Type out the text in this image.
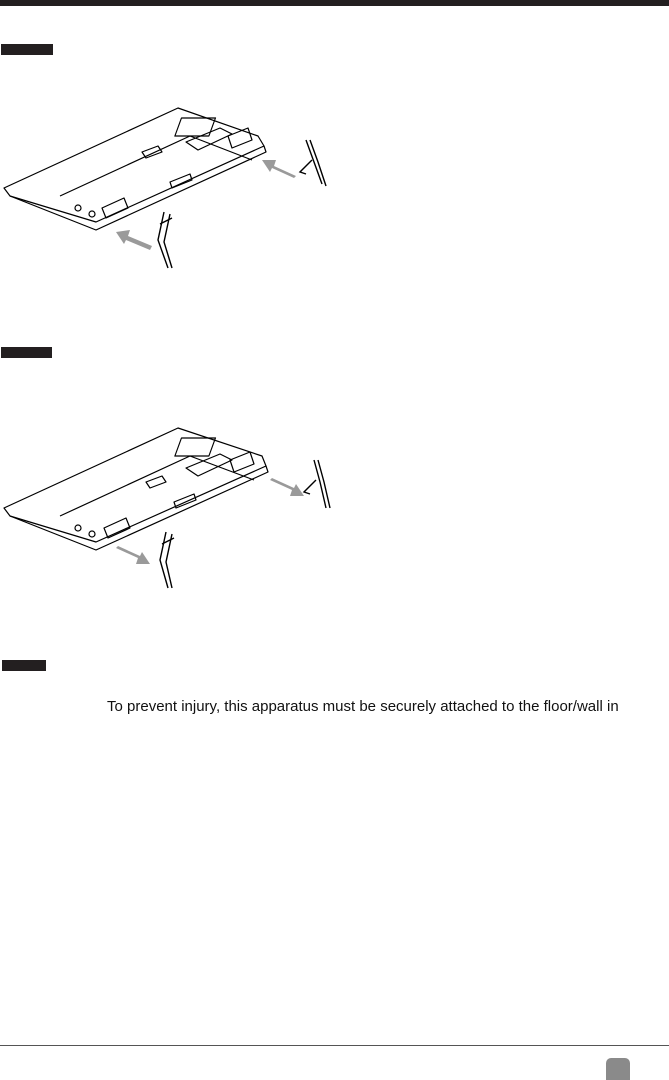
To prevent injury, this apparatus must be securely attached to the floor/wall in
